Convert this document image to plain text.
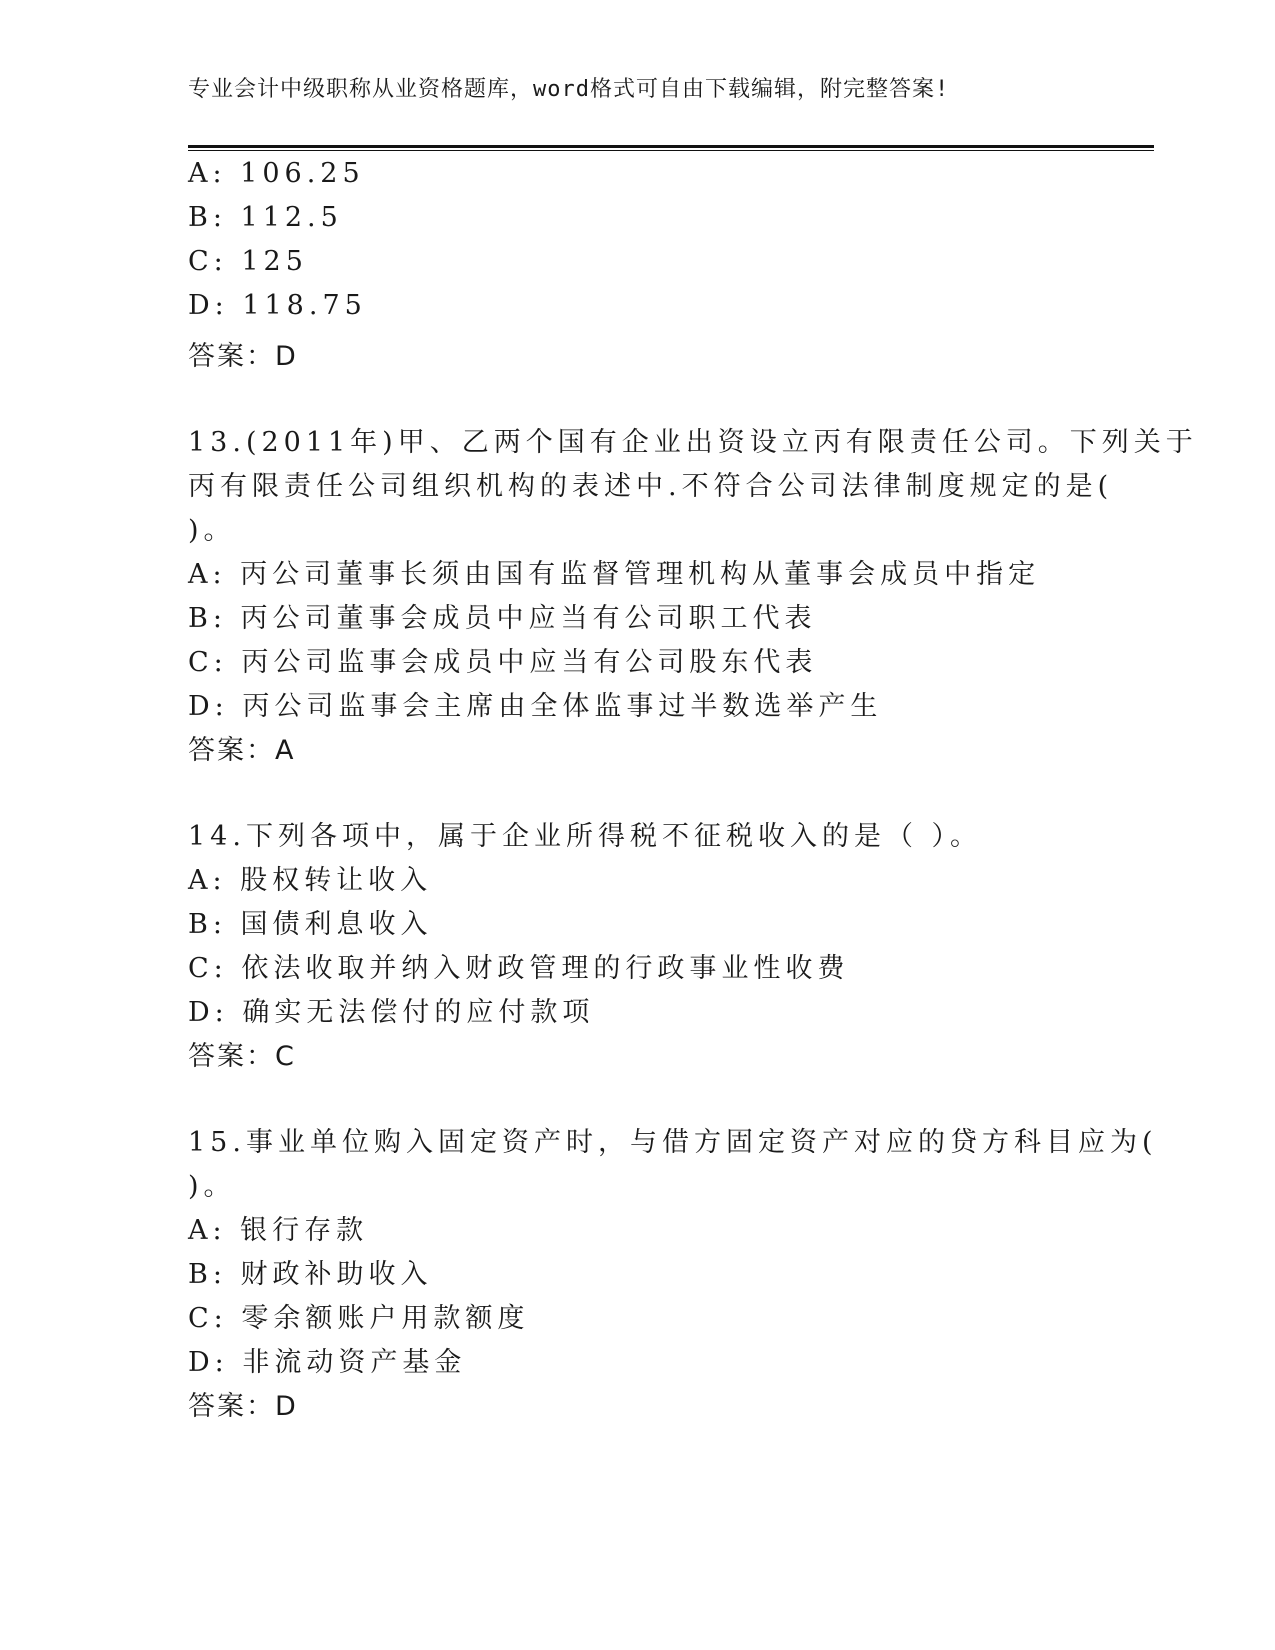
专业会计中级职称从业资格题库，word格式可自由下载编辑，附完整答案!
A: 106.25
B: 112.5
C: 125
D: 118.75
答案：D
13.(2011年)甲、乙两个国有企业出资设立丙有限责任公司。下列关于
丙有限责任公司组织机构的表述中.不符合公司法律制度规定的是(
)。
A: 丙公司董事长须由国有监督管理机构从董事会成员中指定
B: 丙公司董事会成员中应当有公司职工代表
C: 丙公司监事会成员中应当有公司股东代表
D: 丙公司监事会主席由全体监事过半数选举产生
答案：A
14.下列各项中，属于企业所得税不征税收入的是（ ）。
A: 股权转让收入
B: 国债利息收入
C: 依法收取并纳入财政管理的行政事业性收费
D: 确实无法偿付的应付款项
答案：C
15.事业单位购入固定资产时，与借方固定资产对应的贷方科目应为(
)。
A: 银行存款
B: 财政补助收入
C: 零余额账户用款额度
D: 非流动资产基金
答案：D
